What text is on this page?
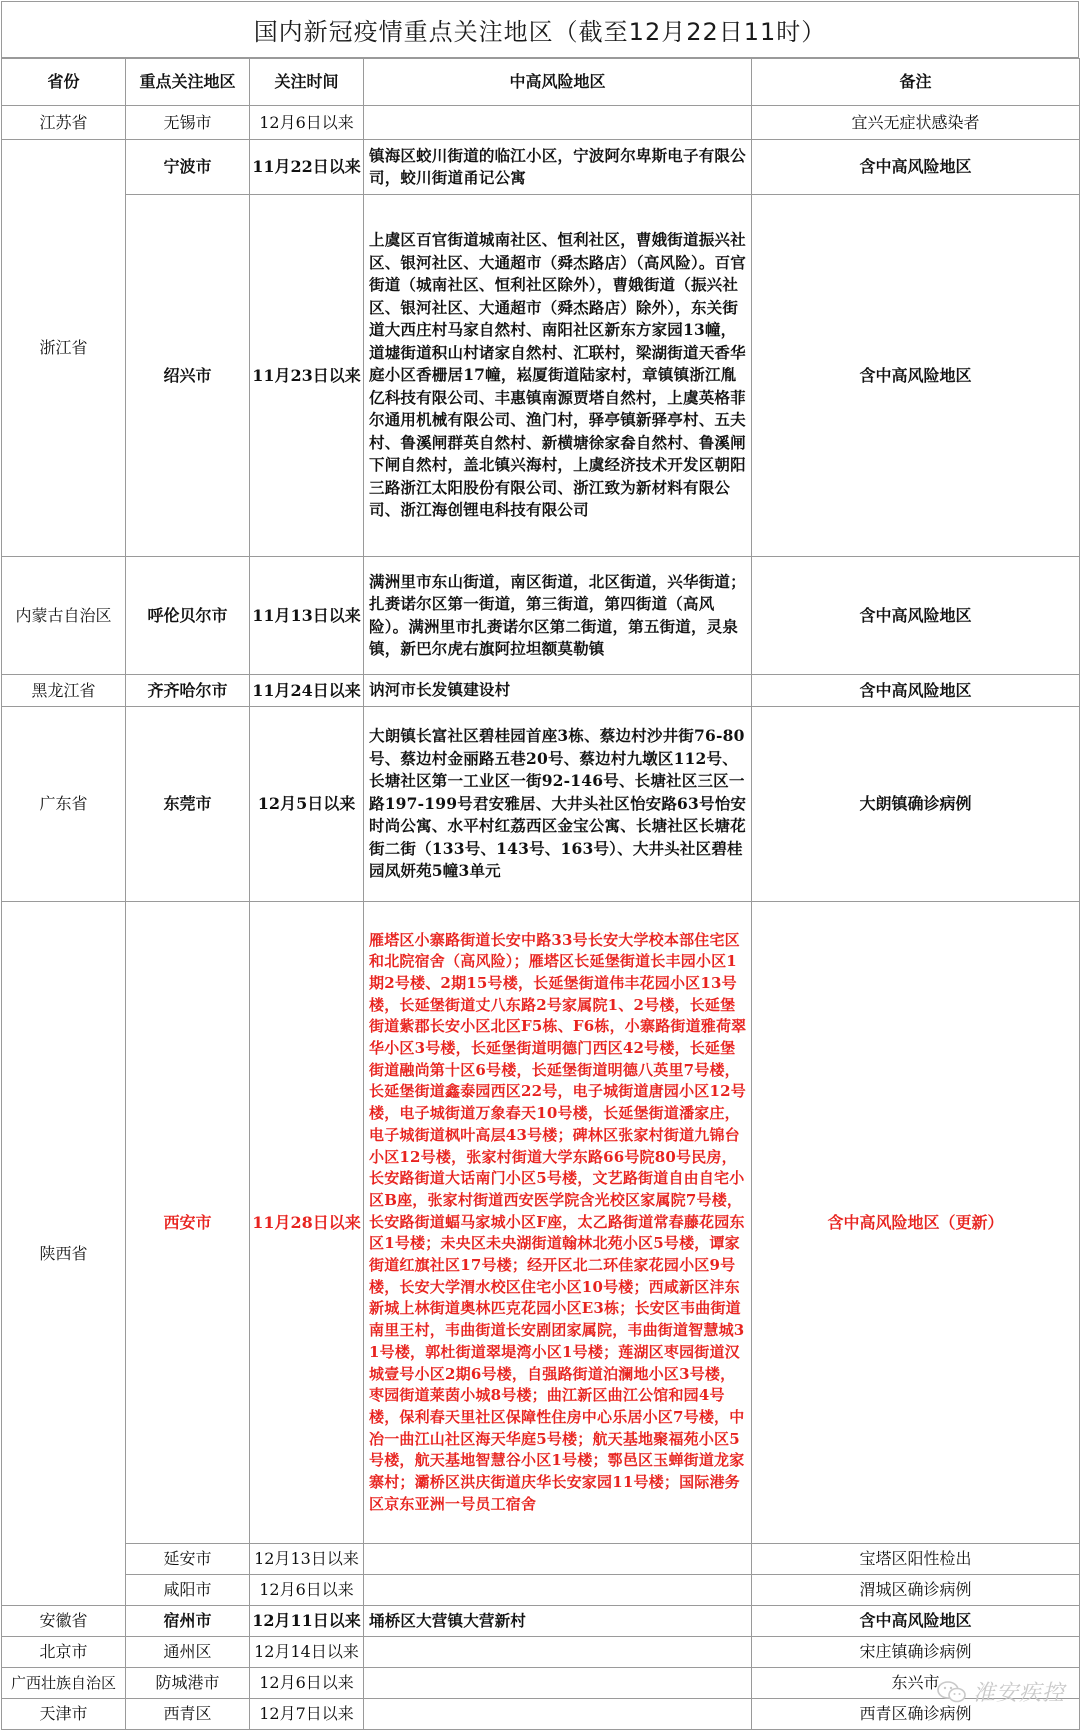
国内新冠疫情重点关注地区（截至12月22日11时）
省份	重点关注地区	关注时间	中高风险地区	备注
江苏省	无锡市	12月6日以来		宜兴无症状感染者
浙江省	宁波市	11月22日以来	镇海区蛟川街道的临江小区，宁波阿尔卑斯电子有限公司，蛟川街道甬记公寓	含中高风险地区
	绍兴市	11月23日以来	上虞区百官街道城南社区、恒利社区，曹娥街道振兴社区、银河社区、大通超市（舜杰路店）（高风险）。百官街道（城南社区、恒利社区除外），曹娥街道（振兴社区、银河社区、大通超市（舜杰路店）除外），东关街道大西庄村马家自然村、南阳社区新东方家园13幢，道墟街道积山村诸家自然村、汇联村，梁湖街道天香华庭小区香栅居17幢，崧厦街道陆家村，章镇镇浙江胤亿科技有限公司、丰惠镇南源贾塔自然村，上虞英格菲尔通用机械有限公司、渔门村，驿亭镇新驿亭村、五夫村、鲁溪闸群英自然村、新横塘徐家畚自然村、鲁溪闸下闸自然村，盖北镇兴海村，上虞经济技术开发区朝阳三路浙江太阳股份有限公司、浙江致为新材料有限公司、浙江海创锂电科技有限公司	含中高风险地区
内蒙古自治区	呼伦贝尔市	11月13日以来	满洲里市东山街道，南区街道，北区街道，兴华街道；扎赉诺尔区第一街道，第三街道，第四街道（高风险）。满洲里市扎赉诺尔区第二街道，第五街道，灵泉镇，新巴尔虎右旗阿拉坦额莫勒镇	含中高风险地区
黑龙江省	齐齐哈尔市	11月24日以来	讷河市长发镇建设村	含中高风险地区
广东省	东莞市	12月5日以来	大朗镇长富社区碧桂园首座3栋、蔡边村沙井街76-80号、蔡边村金丽路五巷20号、蔡边村九墩区112号、长塘社区第一工业区一街92-146号、长塘社区三区一路197-199号君安雅居、大井头社区怡安路63号怡安时尚公寓、水平村红荔西区金宝公寓、长塘社区长塘花街二街（133号、143号、163号）、大井头社区碧桂园凤妍苑5幢3单元	大朗镇确诊病例
陕西省	西安市	11月28日以来	雁塔区小寨路街道长安中路33号长安大学校本部住宅区和北院宿舍（高风险）；雁塔区长延堡街道长丰园小区1期2号楼、2期15号楼，长延堡街道伟丰花园小区13号楼，长延堡街道丈八东路2号家属院1、2号楼，长延堡街道紫郡长安小区北区F5栋、F6栋，小寨路街道雅荷翠华小区3号楼，长延堡街道明德门西区42号楼，长延堡街道融尚第十区6号楼，长延堡街道明德八英里7号楼，长延堡街道鑫泰园西区22号，电子城街道唐园小区12号楼，电子城街道万象春天10号楼，长延堡街道潘家庄，电子城街道枫叶高层43号楼；碑林区张家村街道九锦台小区12号楼，张家村街道大学东路66号院80号民房，长安路街道大话南门小区5号楼，文艺路街道自由自宅小区B座，张家村街道西安医学院含光校区家属院7号楼，长安路街道蝠马家城小区F座，太乙路街道常春藤花园东区1号楼；未央区未央湖街道翰林北苑小区5号楼，谭家街道红旗社区17号楼；经开区北二环佳家花园小区9号楼，长安大学渭水校区住宅小区10号楼；西咸新区沣东新城上林街道奥林匹克花园小区E3栋；长安区韦曲街道南里王村，韦曲街道长安剧团家属院，韦曲街道智慧城31号楼，郭杜街道翠堤湾小区1号楼；莲湖区枣园街道汉城壹号小区2期6号楼，自强路街道泊澜地小区3号楼，枣园街道莱茵小城8号楼；曲江新区曲江公馆和园4号楼，保利春天里社区保障性住房中心乐居小区7号楼，中冶一曲江山社区海天华庭5号楼；航天基地聚福苑小区5号楼，航天基地智慧谷小区1号楼；鄠邑区玉蝉街道龙家寨村；灞桥区洪庆街道庆华长安家园11号楼；国际港务区京东亚洲一号员工宿舍	含中高风险地区（更新）
	延安市	12月13日以来		宝塔区阳性检出
	咸阳市	12月6日以来		渭城区确诊病例
安徽省	宿州市	12月11日以来	埇桥区大营镇大营新村	含中高风险地区
北京市	通州区	12月14日以来		宋庄镇确诊病例
广西壮族自治区	防城港市	12月6日以来		东兴市
天津市	西青区	12月7日以来		西青区确诊病例
淮安疾控
